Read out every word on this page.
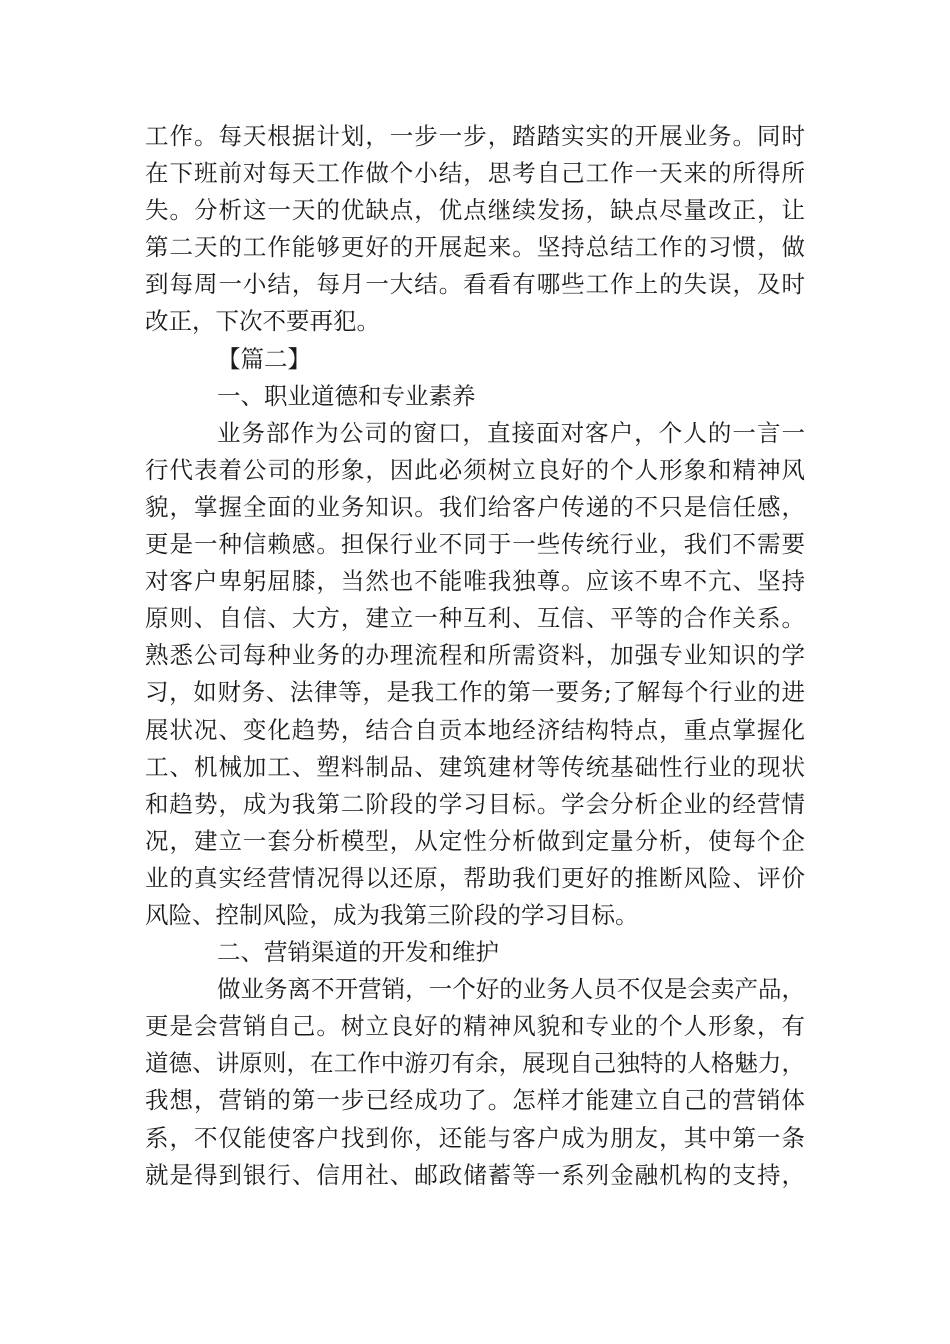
工作。每天根据计划，一步一步，踏踏实实的开展业务。同时
在下班前对每天工作做个小结，思考自己工作一天来的所得所
失。分析这一天的优缺点，优点继续发扬，缺点尽量改正，让
第二天的工作能够更好的开展起来。坚持总结工作的习惯，做
到每周一小结，每月一大结。看看有哪些工作上的失误，及时
改正，下次不要再犯。
【篇二】
一、职业道德和专业素养
业务部作为公司的窗口，直接面对客户，个人的一言一
行代表着公司的形象，因此必须树立良好的个人形象和精神风
貌，掌握全面的业务知识。我们给客户传递的不只是信任感，
更是一种信赖感。担保行业不同于一些传统行业，我们不需要
对客户卑躬屈膝，当然也不能唯我独尊。应该不卑不亢、坚持
原则、自信、大方，建立一种互利、互信、平等的合作关系。
熟悉公司每种业务的办理流程和所需资料，加强专业知识的学
习，如财务、法律等，是我工作的第一要务;了解每个行业的进
展状况、变化趋势，结合自贡本地经济结构特点，重点掌握化
工、机械加工、塑料制品、建筑建材等传统基础性行业的现状
和趋势，成为我第二阶段的学习目标。学会分析企业的经营情
况，建立一套分析模型，从定性分析做到定量分析，使每个企
业的真实经营情况得以还原，帮助我们更好的推断风险、评价
风险、控制风险，成为我第三阶段的学习目标。
二、营销渠道的开发和维护
做业务离不开营销，一个好的业务人员不仅是会卖产品，
更是会营销自己。树立良好的精神风貌和专业的个人形象，有
道德、讲原则，在工作中游刃有余，展现自己独特的人格魅力，
我想，营销的第一步已经成功了。怎样才能建立自己的营销体
系，不仅能使客户找到你，还能与客户成为朋友，其中第一条
就是得到银行、信用社、邮政储蓄等一系列金融机构的支持，
